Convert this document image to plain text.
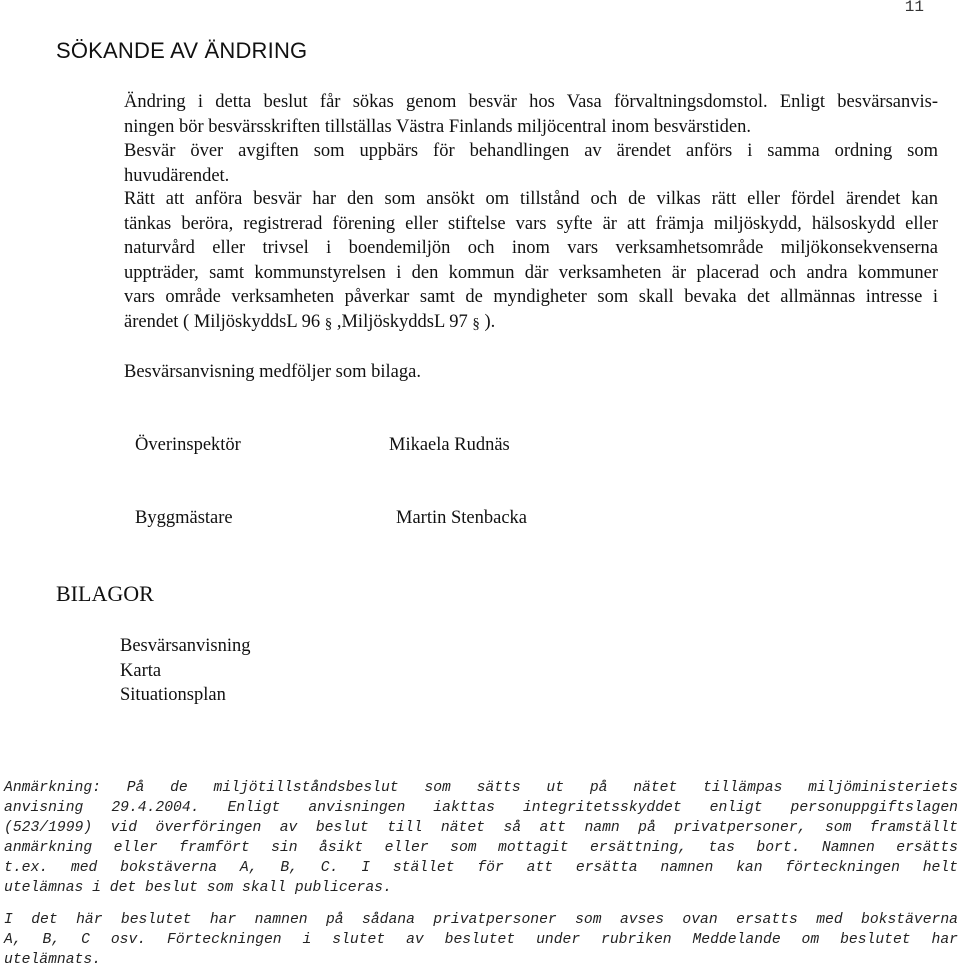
11
SÖKANDE AV ÄNDRING
Ändring i detta beslut får sökas genom besvär hos Vasa förvaltningsdomstol. Enligt besvärsanvis-
ningen bör besvärsskriften tillställas Västra Finlands miljöcentral inom besvärstiden.
Besvär över avgiften som uppbärs för behandlingen av ärendet anförs i samma ordning som
huvudärendet.
Rätt att anföra besvär har den som ansökt om tillstånd och de vilkas rätt eller fördel ärendet kan
tänkas beröra, registrerad förening eller stiftelse vars syfte är att främja miljöskydd, hälsoskydd eller
naturvård eller trivsel i boendemiljön och inom vars verksamhetsområde miljökonsekvenserna
uppträder, samt kommunstyrelsen i den kommun där verksamheten är placerad och andra kommuner
vars område verksamheten påverkar samt de myndigheter som skall bevaka det allmännas intresse i
ärendet ( MiljöskyddsL 96 § ,MiljöskyddsL 97 § ).
Besvärsanvisning medföljer som bilaga.
Överinspektör	Mikaela Rudnäs
Byggmästare	Martin Stenbacka
BILAGOR
Besvärsanvisning
Karta
Situationsplan
Anmärkning: På de miljötillståndsbeslut som sätts ut på nätet tillämpas miljöministeriets
anvisning 29.4.2004. Enligt anvisningen iakttas integritetsskyddet enligt personuppgiftslagen
(523/1999) vid överföringen av beslut till nätet så att namn på privatpersoner, som framställt
anmärkning eller framfört sin åsikt eller som mottagit ersättning, tas bort. Namnen ersätts
t.ex. med bokstäverna A, B, C. I stället för att ersätta namnen kan förteckningen helt
utelämnas i det beslut som skall publiceras.
I det här beslutet har namnen på sådana privatpersoner som avses ovan ersatts med bokstäverna
A, B, C osv. Förteckningen i slutet av beslutet under rubriken Meddelande om beslutet har
utelämnats.
